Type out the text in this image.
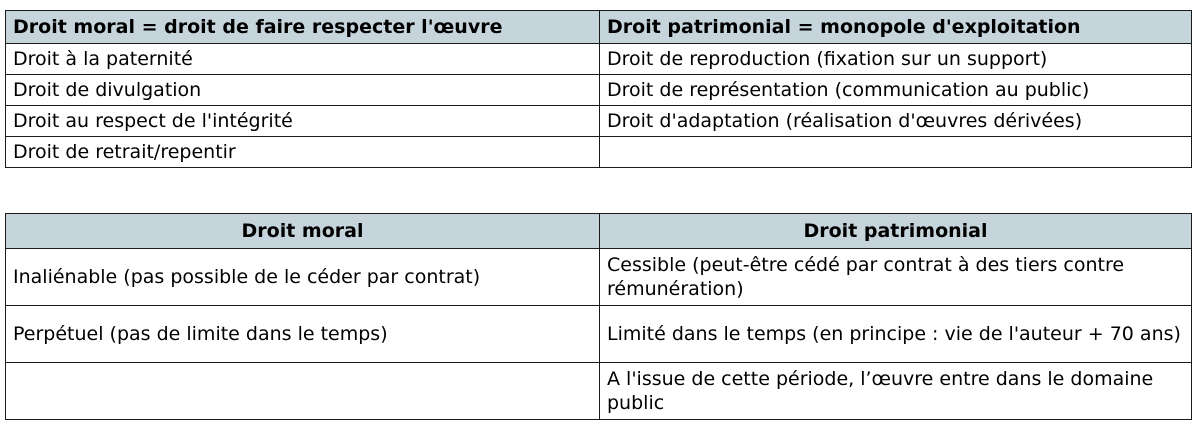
Droit moral = droit de faire respecter l'œuvre	Droit patrimonial = monopole d'exploitation
Droit à la paternité	Droit de reproduction (fixation sur un support)
Droit de divulgation	Droit de représentation (communication au public)
Droit au respect de l'intégrité	Droit d'adaptation (réalisation d'œuvres dérivées)
Droit de retrait/repentir	
Droit moral	Droit patrimonial
Inaliénable (pas possible de le céder par contrat)	Cessible (peut-être cédé par contrat à des tiers contre rémunération)
Perpétuel (pas de limite dans le temps)	Limité dans le temps (en principe : vie de l'auteur + 70 ans)
	A l'issue de cette période, l’œuvre entre dans le domaine public
